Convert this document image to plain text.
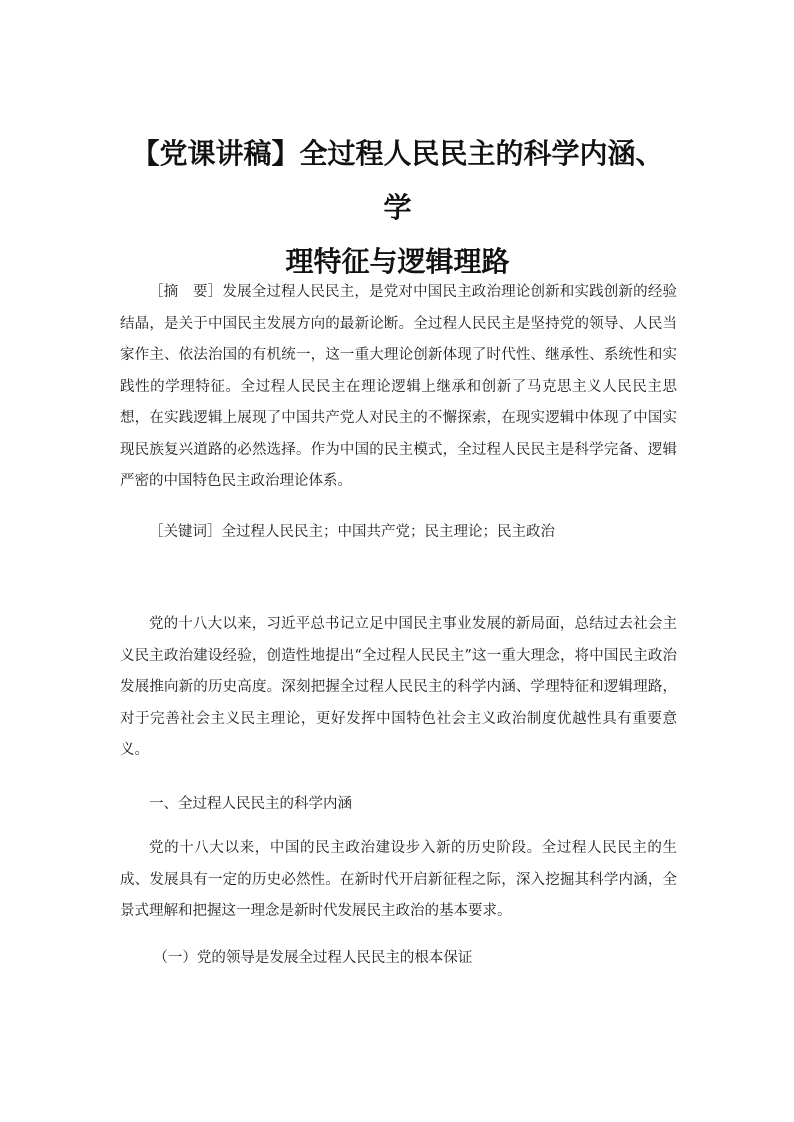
【党课讲稿】全过程人民民主的科学内涵、学
理特征与逻辑理路

［摘　要］发展全过程人民民主，是党对中国民主政治理论创新和实践创新的经验结晶，是关于中国民主发展方向的最新论断。全过程人民民主是坚持党的领导、人民当家作主、依法治国的有机统一，这一重大理论创新体现了时代性、继承性、系统性和实践性的学理特征。全过程人民民主在理论逻辑上继承和创新了马克思主义人民民主思想，在实践逻辑上展现了中国共产党人对民主的不懈探索，在现实逻辑中体现了中国实现民族复兴道路的必然选择。作为中国的民主模式，全过程人民民主是科学完备、逻辑严密的中国特色民主政治理论体系。

［关键词］全过程人民民主；中国共产党；民主理论；民主政治

党的十八大以来，习近平总书记立足中国民主事业发展的新局面，总结过去社会主义民主政治建设经验，创造性地提出“全过程人民民主”这一重大理念，将中国民主政治发展推向新的历史高度。深刻把握全过程人民民主的科学内涵、学理特征和逻辑理路，对于完善社会主义民主理论，更好发挥中国特色社会主义政治制度优越性具有重要意义。

一、全过程人民民主的科学内涵

党的十八大以来，中国的民主政治建设步入新的历史阶段。全过程人民民主的生成、发展具有一定的历史必然性。在新时代开启新征程之际，深入挖掘其科学内涵，全景式理解和把握这一理念是新时代发展民主政治的基本要求。

（一）党的领导是发展全过程人民民主的根本保证
